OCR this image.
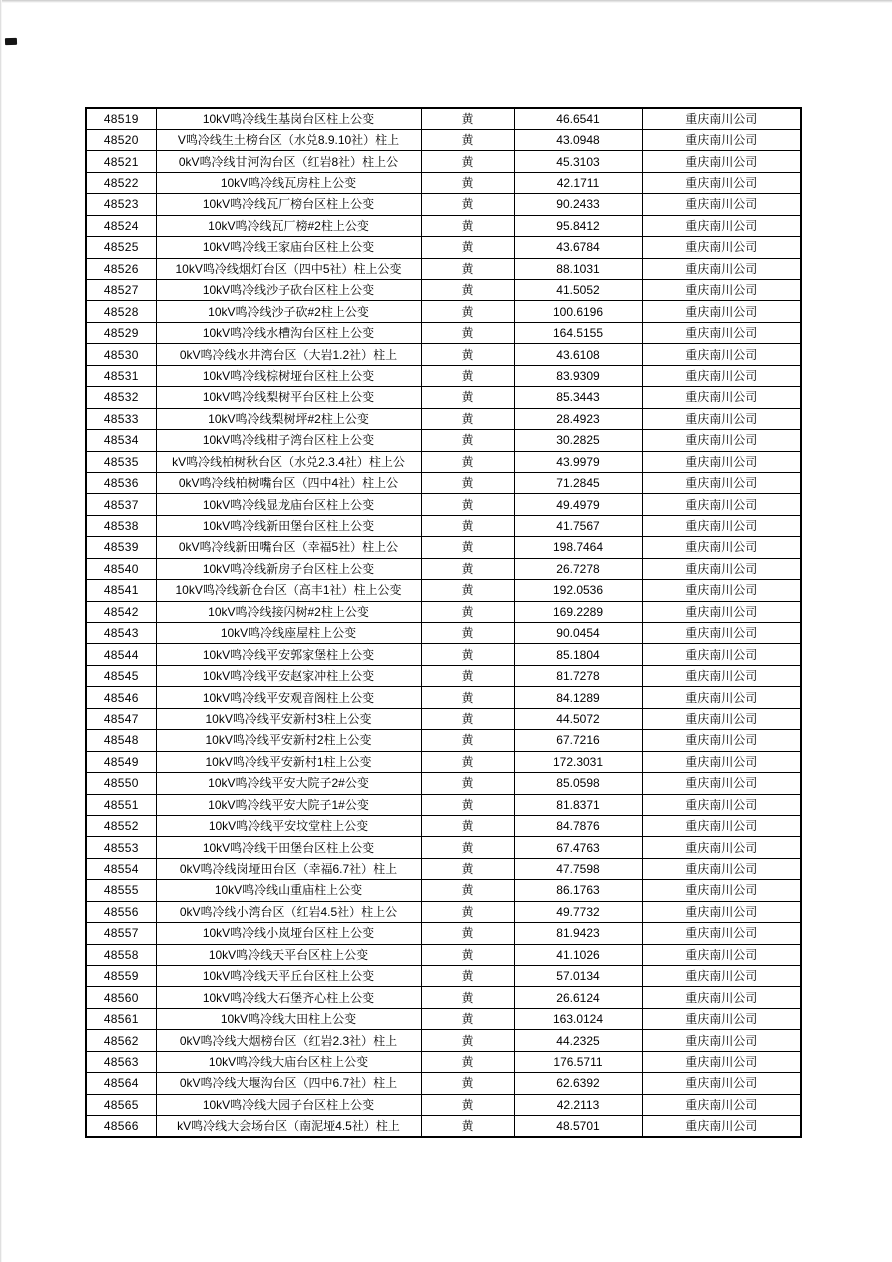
48519	10kV鸣冷线生基岗台区柱上公变	黄	46.6541	重庆南川公司
48520	V鸣冷线生土榜台区（水兑8.9.10社）柱上	黄	43.0948	重庆南川公司
48521	0kV鸣冷线甘河沟台区（红岩8社）柱上公	黄	45.3103	重庆南川公司
48522	10kV鸣冷线瓦房柱上公变	黄	42.1711	重庆南川公司
48523	10kV鸣冷线瓦厂榜台区柱上公变	黄	90.2433	重庆南川公司
48524	10kV鸣冷线瓦厂榜#2柱上公变	黄	95.8412	重庆南川公司
48525	10kV鸣冷线王家庙台区柱上公变	黄	43.6784	重庆南川公司
48526	10kV鸣冷线烟灯台区（四中5社）柱上公变	黄	88.1031	重庆南川公司
48527	10kV鸣冷线沙子砍台区柱上公变	黄	41.5052	重庆南川公司
48528	10kV鸣冷线沙子砍#2柱上公变	黄	100.6196	重庆南川公司
48529	10kV鸣冷线水槽沟台区柱上公变	黄	164.5155	重庆南川公司
48530	0kV鸣冷线水井湾台区（大岩1.2社）柱上	黄	43.6108	重庆南川公司
48531	10kV鸣冷线棕树垭台区柱上公变	黄	83.9309	重庆南川公司
48532	10kV鸣冷线梨树平台区柱上公变	黄	85.3443	重庆南川公司
48533	10kV鸣冷线梨树坪#2柱上公变	黄	28.4923	重庆南川公司
48534	10kV鸣冷线柑子湾台区柱上公变	黄	30.2825	重庆南川公司
48535	kV鸣冷线柏树秋台区（水兑2.3.4社）柱上公	黄	43.9979	重庆南川公司
48536	0kV鸣冷线柏树嘴台区（四中4社）柱上公	黄	71.2845	重庆南川公司
48537	10kV鸣冷线显龙庙台区柱上公变	黄	49.4979	重庆南川公司
48538	10kV鸣冷线新田堡台区柱上公变	黄	41.7567	重庆南川公司
48539	0kV鸣冷线新田嘴台区（幸福5社）柱上公	黄	198.7464	重庆南川公司
48540	10kV鸣冷线新房子台区柱上公变	黄	26.7278	重庆南川公司
48541	10kV鸣冷线新仓台区（高丰1社）柱上公变	黄	192.0536	重庆南川公司
48542	10kV鸣冷线接闪树#2柱上公变	黄	169.2289	重庆南川公司
48543	10kV鸣冷线座屋柱上公变	黄	90.0454	重庆南川公司
48544	10kV鸣冷线平安郭家堡柱上公变	黄	85.1804	重庆南川公司
48545	10kV鸣冷线平安赵家冲柱上公变	黄	81.7278	重庆南川公司
48546	10kV鸣冷线平安观音阁柱上公变	黄	84.1289	重庆南川公司
48547	10kV鸣冷线平安新村3柱上公变	黄	44.5072	重庆南川公司
48548	10kV鸣冷线平安新村2柱上公变	黄	67.7216	重庆南川公司
48549	10kV鸣冷线平安新村1柱上公变	黄	172.3031	重庆南川公司
48550	10kV鸣冷线平安大院子2#公变	黄	85.0598	重庆南川公司
48551	10kV鸣冷线平安大院子1#公变	黄	81.8371	重庆南川公司
48552	10kV鸣冷线平安坟堂柱上公变	黄	84.7876	重庆南川公司
48553	10kV鸣冷线干田堡台区柱上公变	黄	67.4763	重庆南川公司
48554	0kV鸣冷线岗垭田台区（幸福6.7社）柱上	黄	47.7598	重庆南川公司
48555	10kV鸣冷线山重庙柱上公变	黄	86.1763	重庆南川公司
48556	0kV鸣冷线小湾台区（红岩4.5社）柱上公	黄	49.7732	重庆南川公司
48557	10kV鸣冷线小岚垭台区柱上公变	黄	81.9423	重庆南川公司
48558	10kV鸣冷线天平台区柱上公变	黄	41.1026	重庆南川公司
48559	10kV鸣冷线天平丘台区柱上公变	黄	57.0134	重庆南川公司
48560	10kV鸣冷线大石堡齐心柱上公变	黄	26.6124	重庆南川公司
48561	10kV鸣冷线大田柱上公变	黄	163.0124	重庆南川公司
48562	0kV鸣冷线大烟榜台区（红岩2.3社）柱上	黄	44.2325	重庆南川公司
48563	10kV鸣冷线大庙台区柱上公变	黄	176.5711	重庆南川公司
48564	0kV鸣冷线大堰沟台区（四中6.7社）柱上	黄	62.6392	重庆南川公司
48565	10kV鸣冷线大园子台区柱上公变	黄	42.2113	重庆南川公司
48566	kV鸣冷线大会场台区（南泥垭4.5社）柱上	黄	48.5701	重庆南川公司
